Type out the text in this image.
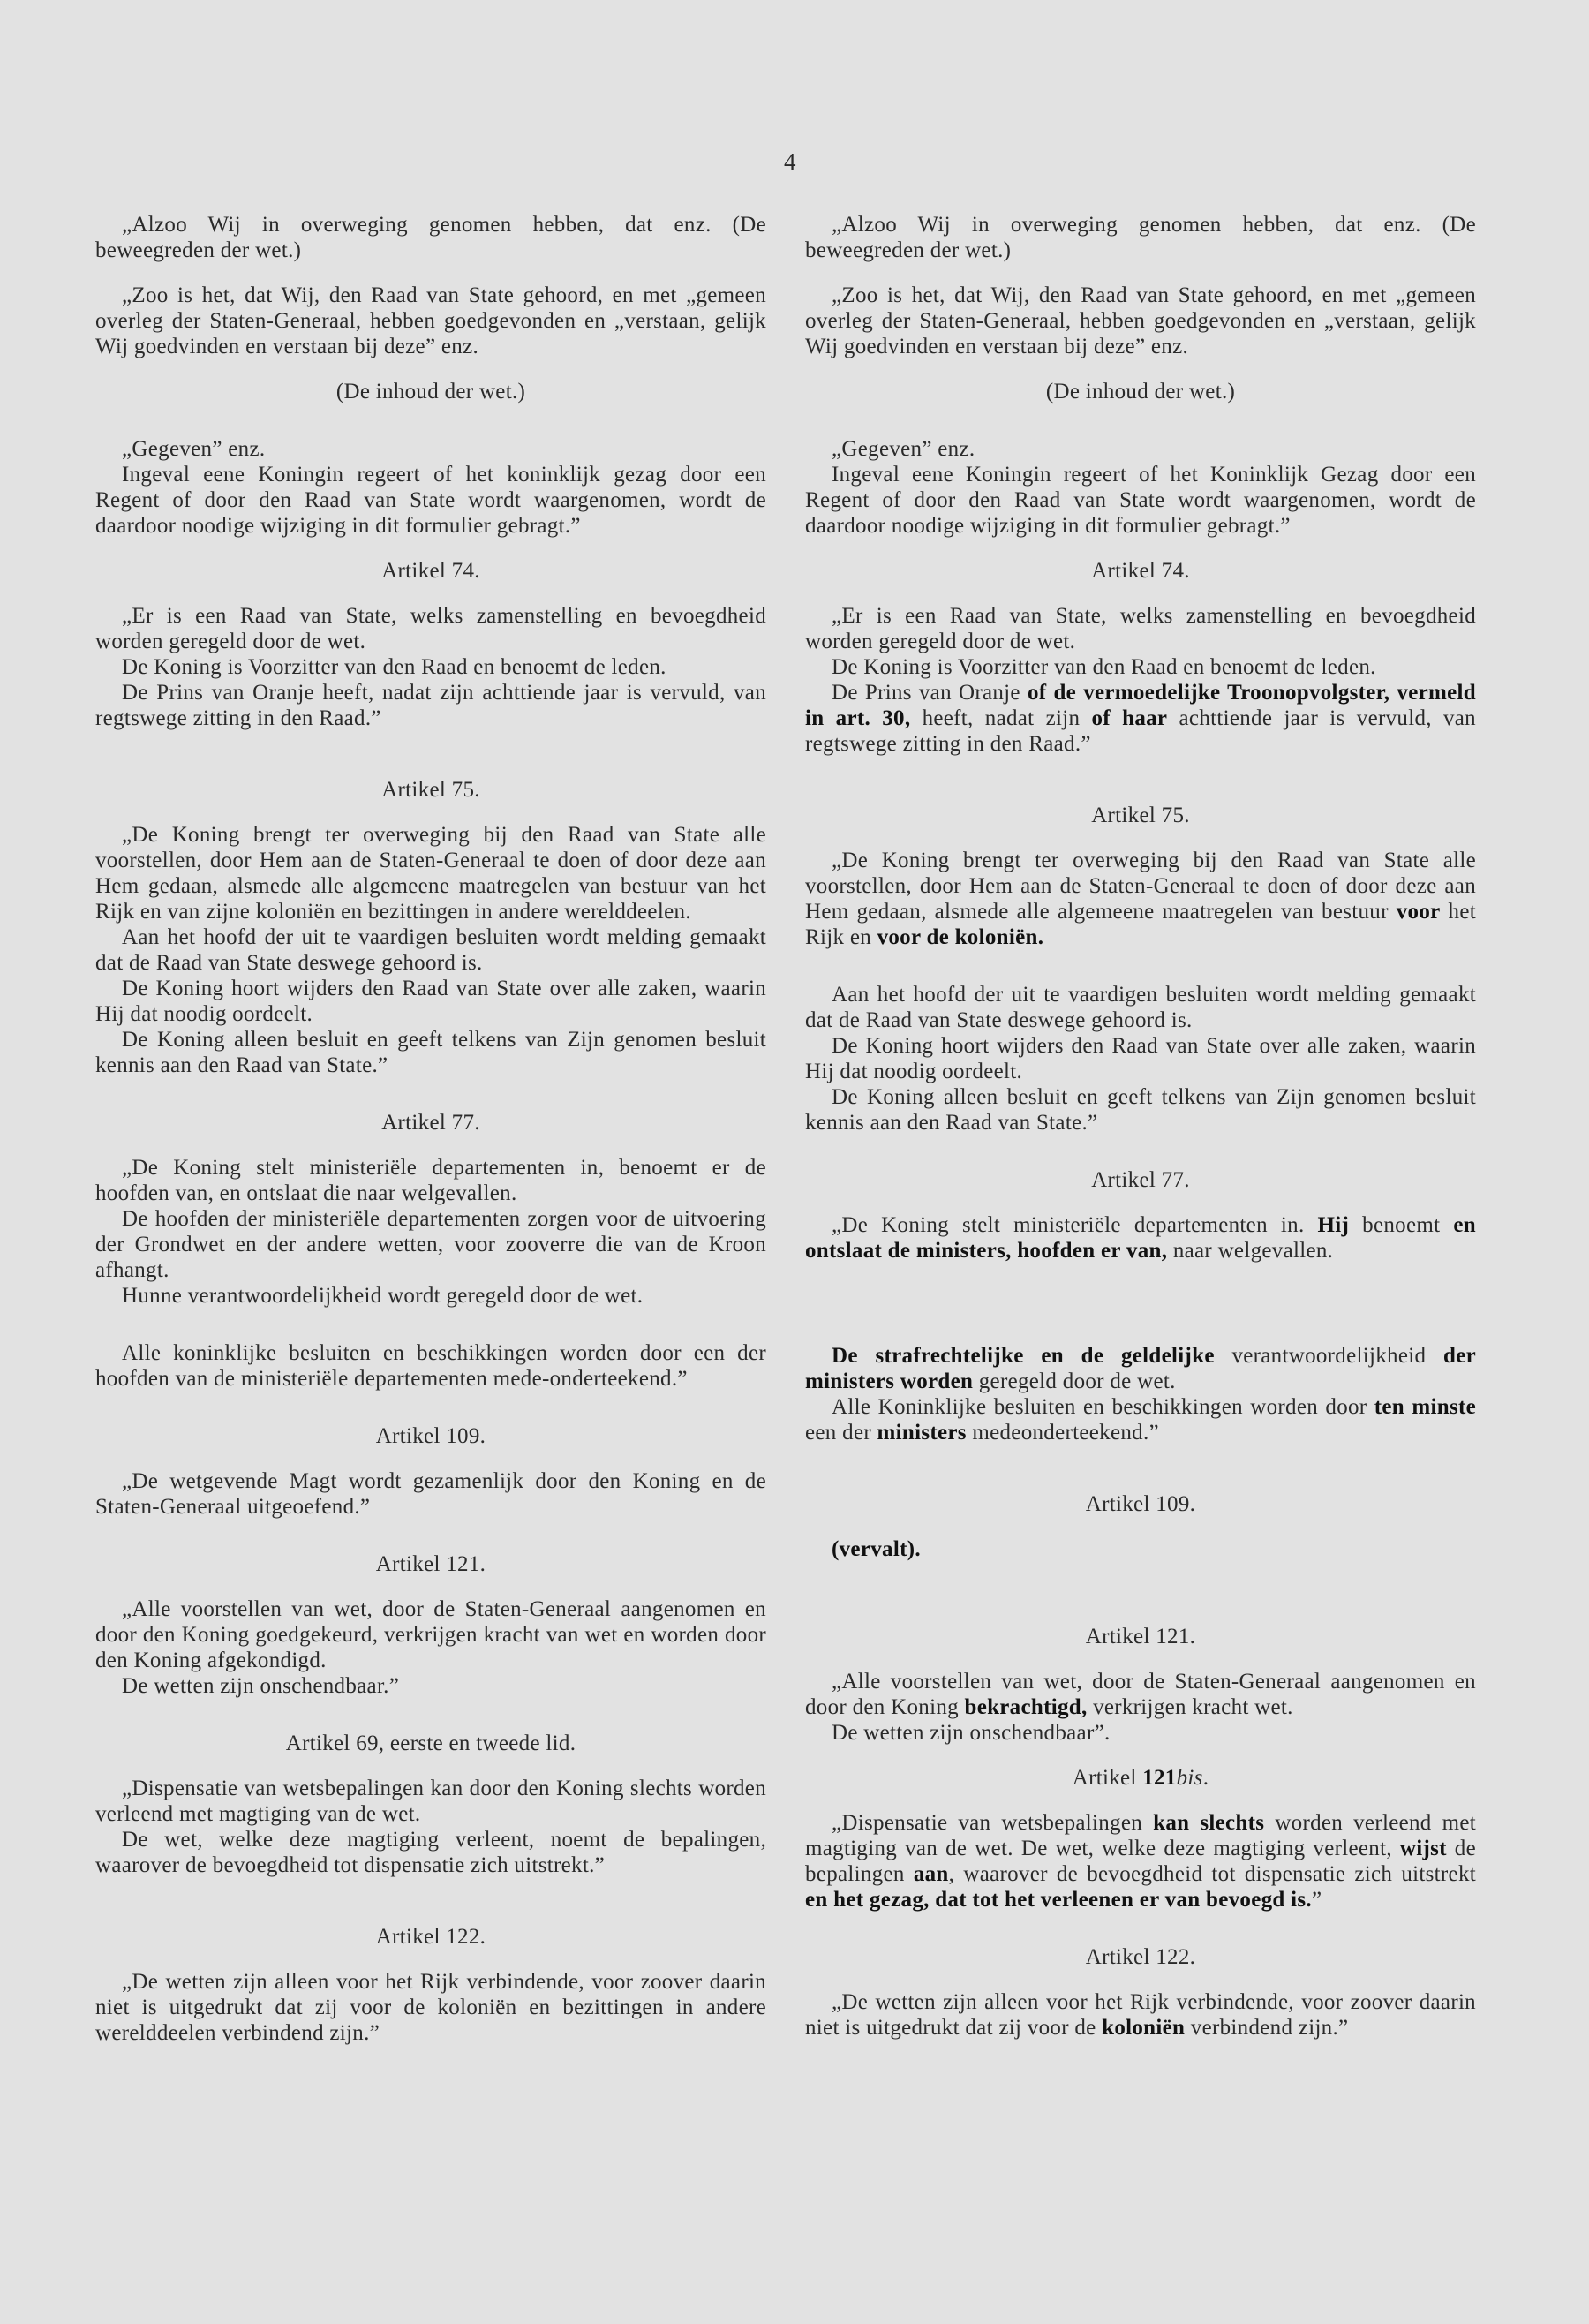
4

„Alzoo Wij in overweging genomen hebben, dat enz. (De beweegreden der wet.)

„Zoo is het, dat Wij, den Raad van State gehoord, en met „gemeen overleg der Staten-Generaal, hebben goedgevonden en „verstaan, gelijk Wij goedvinden en verstaan bij deze” enz.

(De inhoud der wet.)

„Gegeven” enz.

Ingeval eene Koningin regeert of het koninklijk gezag door een Regent of door den Raad van State wordt waargenomen, wordt de daardoor noodige wijziging in dit formulier gebragt.”

Artikel 74.

„Er is een Raad van State, welks zamenstelling en bevoegdheid worden geregeld door de wet.

De Koning is Voorzitter van den Raad en benoemt de leden.

De Prins van Oranje heeft, nadat zijn achttiende jaar is vervuld, van regtswege zitting in den Raad.”

Artikel 75.

„De Koning brengt ter overweging bij den Raad van State alle voorstellen, door Hem aan de Staten-Generaal te doen of door deze aan Hem gedaan, alsmede alle algemeene maatregelen van bestuur van het Rijk en van zijne koloniën en bezittingen in andere werelddeelen.

Aan het hoofd der uit te vaardigen besluiten wordt melding gemaakt dat de Raad van State deswege gehoord is.

De Koning hoort wijders den Raad van State over alle zaken, waarin Hij dat noodig oordeelt.

De Koning alleen besluit en geeft telkens van Zijn genomen besluit kennis aan den Raad van State.”

Artikel 77.

„De Koning stelt ministeriële departementen in, benoemt er de hoofden van, en ontslaat die naar welgevallen.

De hoofden der ministeriële departementen zorgen voor de uitvoering der Grondwet en der andere wetten, voor zooverre die van de Kroon afhangt.

Hunne verantwoordelijkheid wordt geregeld door de wet.

Alle koninklijke besluiten en beschikkingen worden door een der hoofden van de ministeriële departementen mede-onderteekend.”

Artikel 109.

„De wetgevende Magt wordt gezamenlijk door den Koning en de Staten-Generaal uitgeoefend.”

Artikel 121.

„Alle voorstellen van wet, door de Staten-Generaal aangenomen en door den Koning goedgekeurd, verkrijgen kracht van wet en worden door den Koning afgekondigd.

De wetten zijn onschendbaar.”

Artikel 69, eerste en tweede lid.

„Dispensatie van wetsbepalingen kan door den Koning slechts worden verleend met magtiging van de wet.

De wet, welke deze magtiging verleent, noemt de bepalingen, waarover de bevoegdheid tot dispensatie zich uitstrekt.”

Artikel 122.

„De wetten zijn alleen voor het Rijk verbindende, voor zoover daarin niet is uitgedrukt dat zij voor de koloniën en bezittingen in andere werelddeelen verbindend zijn.”

„Alzoo Wij in overweging genomen hebben, dat enz. (De beweegreden der wet.)

„Zoo is het, dat Wij, den Raad van State gehoord, en met „gemeen overleg der Staten-Generaal, hebben goedgevonden en „verstaan, gelijk Wij goedvinden en verstaan bij deze” enz.

(De inhoud der wet.)

„Gegeven” enz.

Ingeval eene Koningin regeert of het Koninklijk Gezag door een Regent of door den Raad van State wordt waargenomen, wordt de daardoor noodige wijziging in dit formulier gebragt.”

Artikel 74.

„Er is een Raad van State, welks zamenstelling en bevoegdheid worden geregeld door de wet.

De Koning is Voorzitter van den Raad en benoemt de leden.

De Prins van Oranje of de vermoedelijke Troonopvolgster, vermeld in art. 30, heeft, nadat zijn of haar achttiende jaar is vervuld, van regtswege zitting in den Raad.”

Artikel 75.

„De Koning brengt ter overweging bij den Raad van State alle voorstellen, door Hem aan de Staten-Generaal te doen of door deze aan Hem gedaan, alsmede alle algemeene maatregelen van bestuur voor het Rijk en voor de koloniën.

Aan het hoofd der uit te vaardigen besluiten wordt melding gemaakt dat de Raad van State deswege gehoord is.

De Koning hoort wijders den Raad van State over alle zaken, waarin Hij dat noodig oordeelt.

De Koning alleen besluit en geeft telkens van Zijn genomen besluit kennis aan den Raad van State.”

Artikel 77.

„De Koning stelt ministeriële departementen in. Hij benoemt en ontslaat de ministers, hoofden er van, naar welgevallen.

De strafrechtelijke en de geldelijke verantwoordelijkheid der ministers worden geregeld door de wet.

Alle Koninklijke besluiten en beschikkingen worden door ten minste een der ministers medeonderteekend.”

Artikel 109.

(vervalt).

Artikel 121.

„Alle voorstellen van wet, door de Staten-Generaal aangenomen en door den Koning bekrachtigd, verkrijgen kracht wet.

De wetten zijn onschendbaar”.

Artikel 121bis.

„Dispensatie van wetsbepalingen kan slechts worden verleend met magtiging van de wet. De wet, welke deze magtiging verleent, wijst de bepalingen aan, waarover de bevoegdheid tot dispensatie zich uitstrekt en het gezag, dat tot het verleenen er van bevoegd is.”

Artikel 122.

„De wetten zijn alleen voor het Rijk verbindende, voor zoover daarin niet is uitgedrukt dat zij voor de koloniën verbindend zijn.”
